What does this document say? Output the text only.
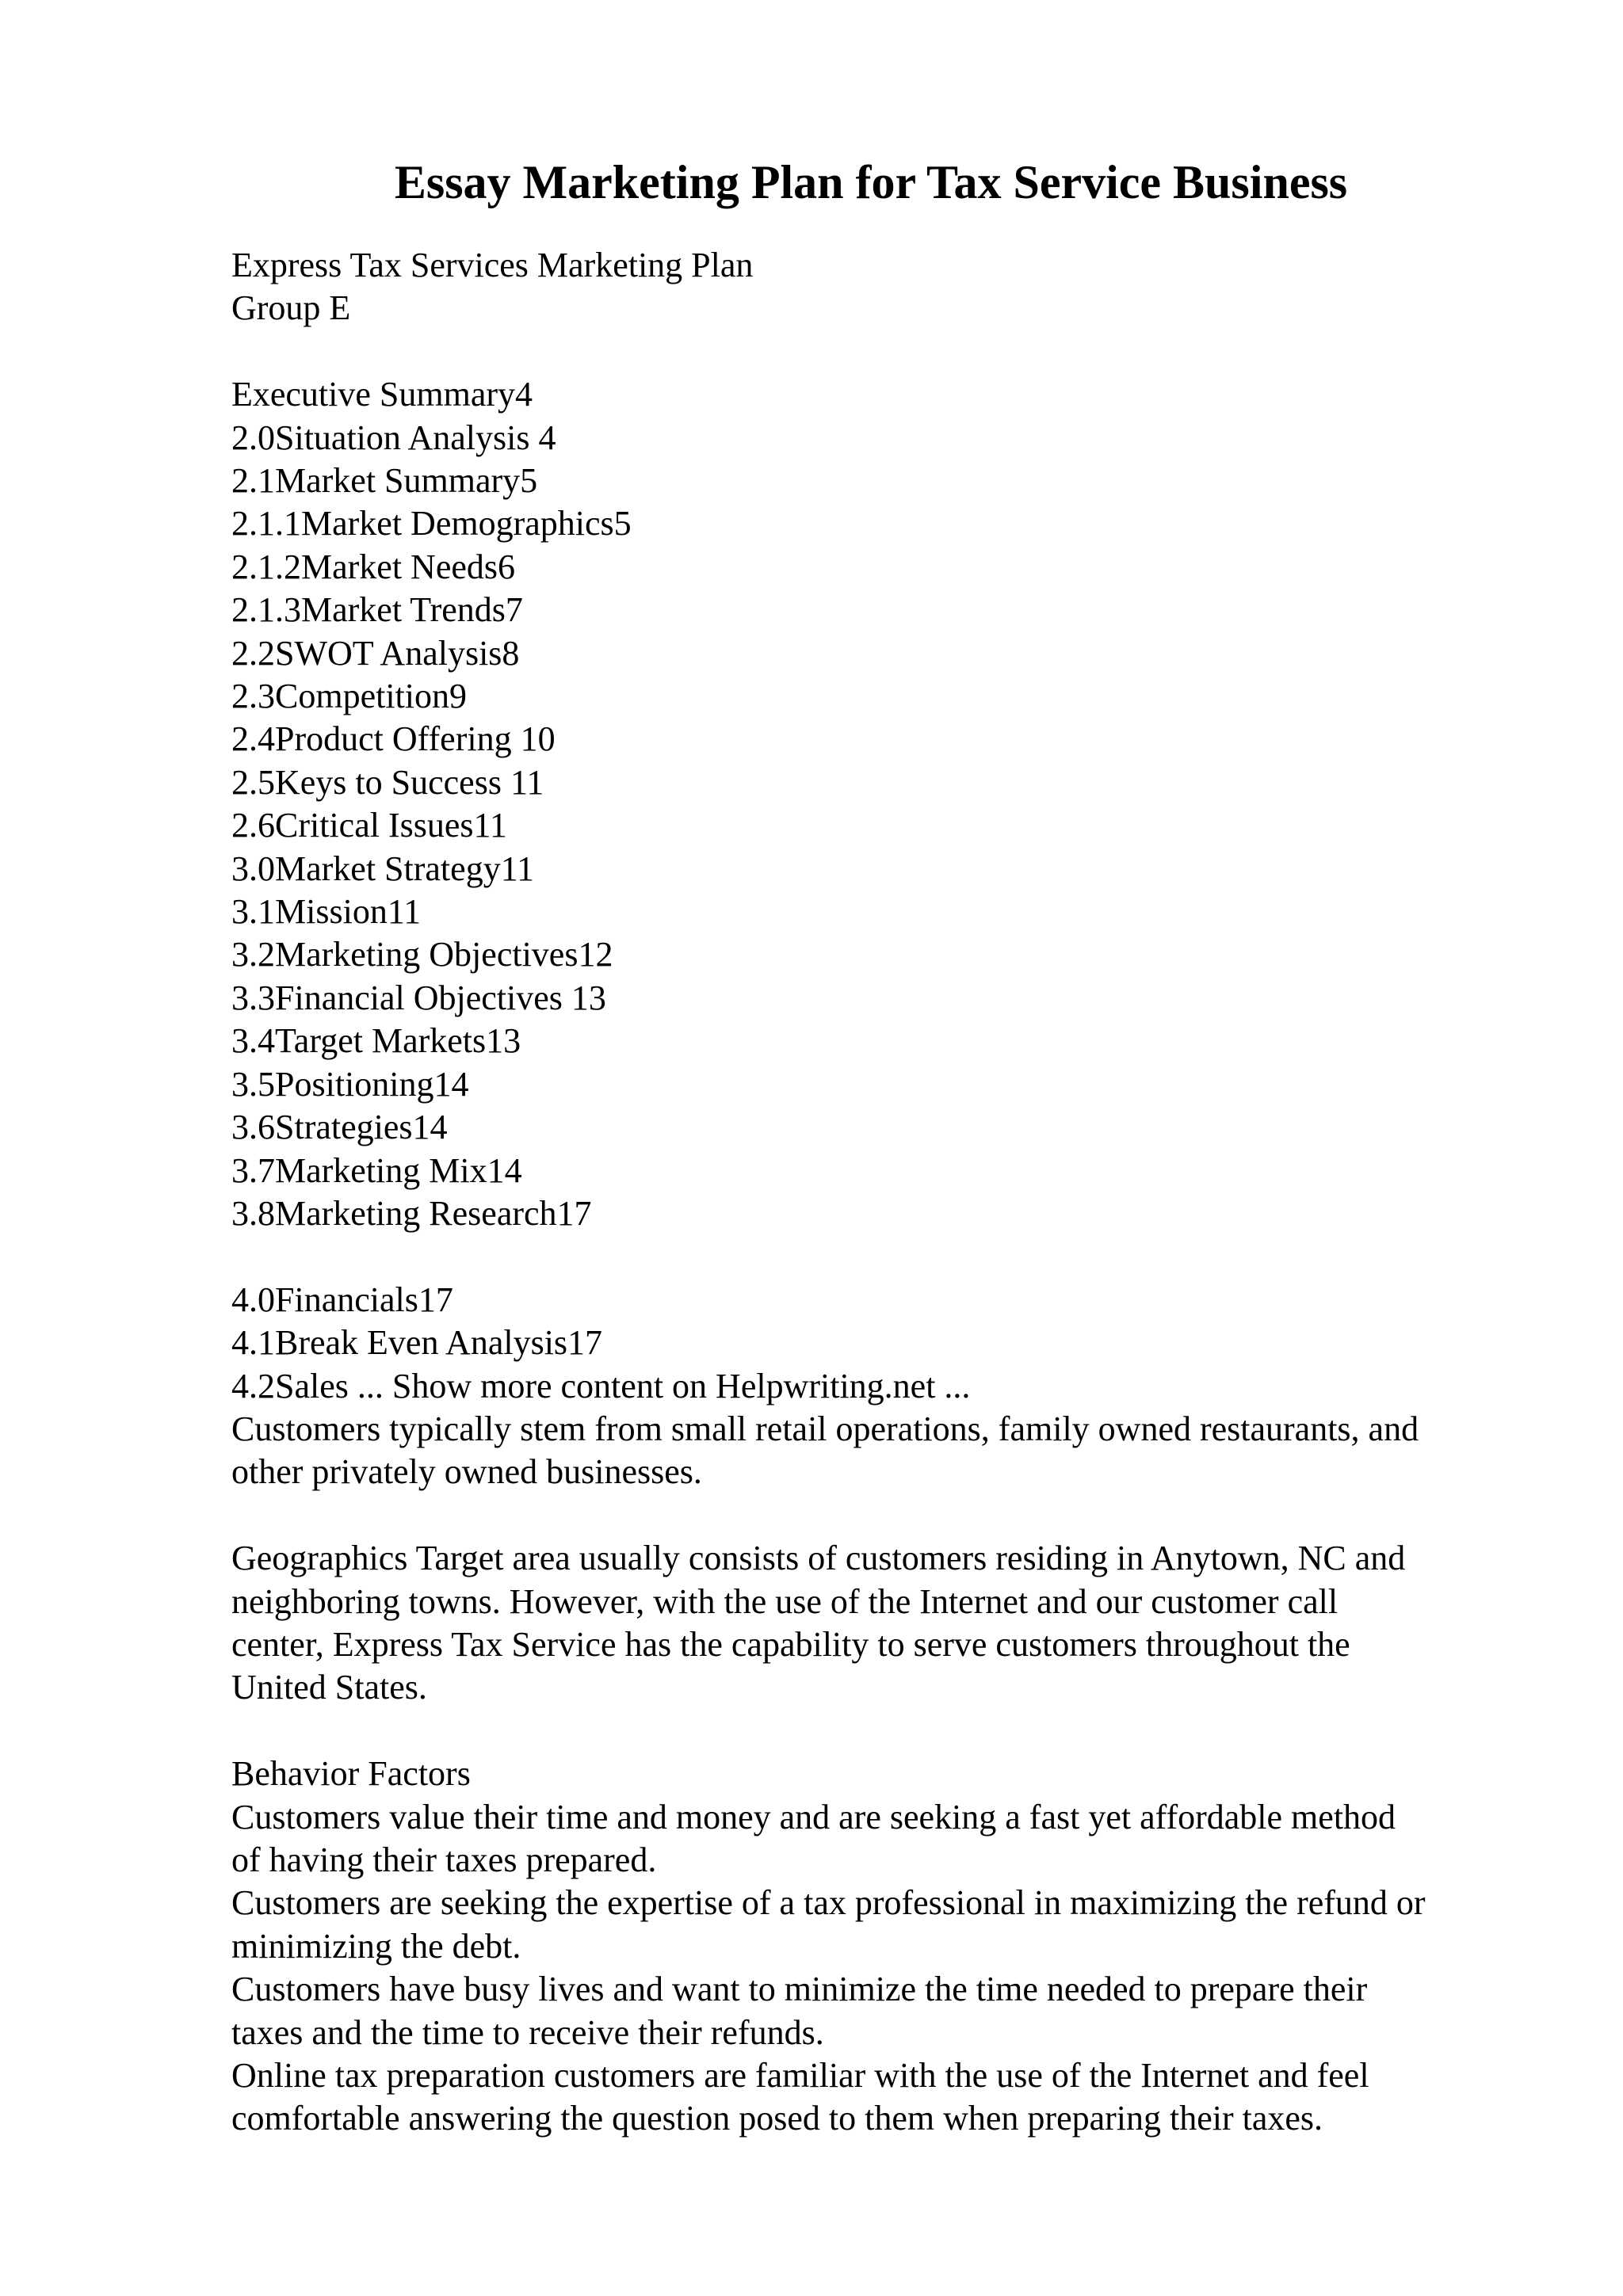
Essay Marketing Plan for Tax Service Business
Express Tax Services Marketing Plan
Group E
Executive Summary4
2.0Situation Analysis 4
2.1Market Summary5
2.1.1Market Demographics5
2.1.2Market Needs6
2.1.3Market Trends7
2.2SWOT Analysis8
2.3Competition9
2.4Product Offering 10
2.5Keys to Success 11
2.6Critical Issues11
3.0Market Strategy11
3.1Mission11
3.2Marketing Objectives12
3.3Financial Objectives 13
3.4Target Markets13
3.5Positioning14
3.6Strategies14
3.7Marketing Mix14
3.8Marketing Research17
4.0Financials17
4.1Break Even Analysis17
4.2Sales ... Show more content on Helpwriting.net ...
Customers typically stem from small retail operations, family owned restaurants, and
other privately owned businesses.
Geographics Target area usually consists of customers residing in Anytown, NC and
neighboring towns. However, with the use of the Internet and our customer call
center, Express Tax Service has the capability to serve customers throughout the
United States.
Behavior Factors
Customers value their time and money and are seeking a fast yet affordable method
of having their taxes prepared.
Customers are seeking the expertise of a tax professional in maximizing the refund or
minimizing the debt.
Customers have busy lives and want to minimize the time needed to prepare their
taxes and the time to receive their refunds.
Online tax preparation customers are familiar with the use of the Internet and feel
comfortable answering the question posed to them when preparing their taxes.
